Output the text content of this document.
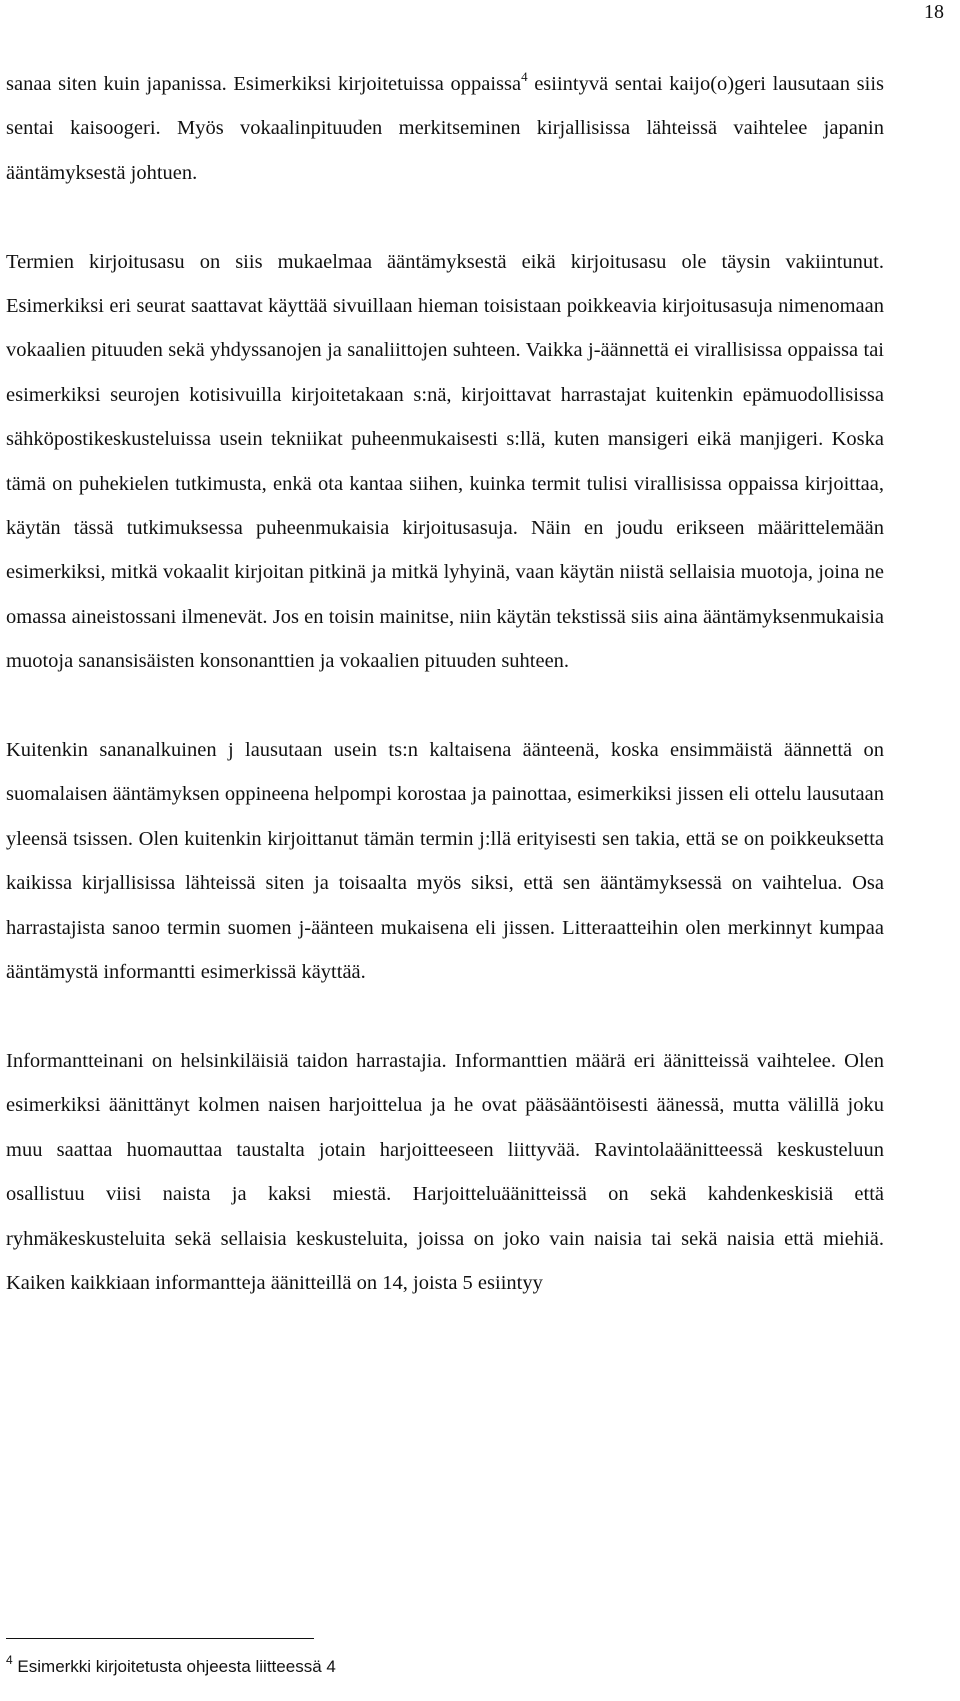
18

sanaa siten kuin japanissa. Esimerkiksi kirjoitetuissa oppaissa$^4$ esiintyvä sentai kaijo(o)geri lausutaan siis sentai kaisoogeri. Myös vokaalinpituuden merkitseminen kirjallisissa lähteissä vaihtelee japanin ääntämyksestä johtuen.

Termien kirjoitusasu on siis mukaelmaa ääntämyksestä eikä kirjoitusasu ole täysin vakiintunut. Esimerkiksi eri seurat saattavat käyttää sivuillaan hieman toisistaan poikkeavia kirjoitusasuja nimenomaan vokaalien pituuden sekä yhdyssanojen ja sanaliittojen suhteen. Vaikka j-äännettä ei virallisissa oppaissa tai esimerkiksi seurojen kotisivuilla kirjoitetakaan s:nä, kirjoittavat harrastajat kuitenkin epämuodollisissa sähköpostikeskusteluissa usein tekniikat puheenmukaisesti s:llä, kuten mansigeri eikä manjigeri. Koska tämä on puhekielen tutkimusta, enkä ota kantaa siihen, kuinka termit tulisi virallisissa oppaissa kirjoittaa, käytän tässä tutkimuksessa puheenmukaisia kirjoitusasuja. Näin en joudu erikseen määrittelemään esimerkiksi, mitkä vokaalit kirjoitan pitkinä ja mitkä lyhyinä, vaan käytän niistä sellaisia muotoja, joina ne omassa aineistossani ilmenevät. Jos en toisin mainitse, niin käytän tekstissä siis aina ääntämyksenmukaisia muotoja sanansisäisten konsonanttien ja vokaalien pituuden suhteen.

Kuitenkin sananalkuinen j lausutaan usein ts:n kaltaisena äänteenä, koska ensimmäistä äännettä on suomalaisen ääntämyksen oppineena helpompi korostaa ja painottaa, esimerkiksi jissen eli ottelu lausutaan yleensä tsissen. Olen kuitenkin kirjoittanut tämän termin j:llä erityisesti sen takia, että se on poikkeuksetta kaikissa kirjallisissa lähteissä siten ja toisaalta myös siksi, että sen ääntämyksessä on vaihtelua. Osa harrastajista sanoo termin suomen j-äänteen mukaisena eli jissen. Litteraatteihin olen merkinnyt kumpaa ääntämystä informantti esimerkissä käyttää.

Informantteinani on helsinkiläisiä taidon harrastajia. Informanttien määrä eri äänitteissä vaihtelee. Olen esimerkiksi äänittänyt kolmen naisen harjoittelua ja he ovat pääsääntöisesti äänessä, mutta välillä joku muu saattaa huomauttaa taustalta jotain harjoitteeseen liittyvää. Ravintolaäänitteessä keskusteluun osallistuu viisi naista ja kaksi miestä. Harjoitteluäänitteissä on sekä kahdenkeskisiä että ryhmäkeskusteluita sekä sellaisia keskusteluita, joissa on joko vain naisia tai sekä naisia että miehiä. Kaiken kaikkiaan informantteja äänitteillä on 14, joista 5 esiintyy

$^4$ Esimerkki kirjoitetusta ohjeesta liitteessä 4
